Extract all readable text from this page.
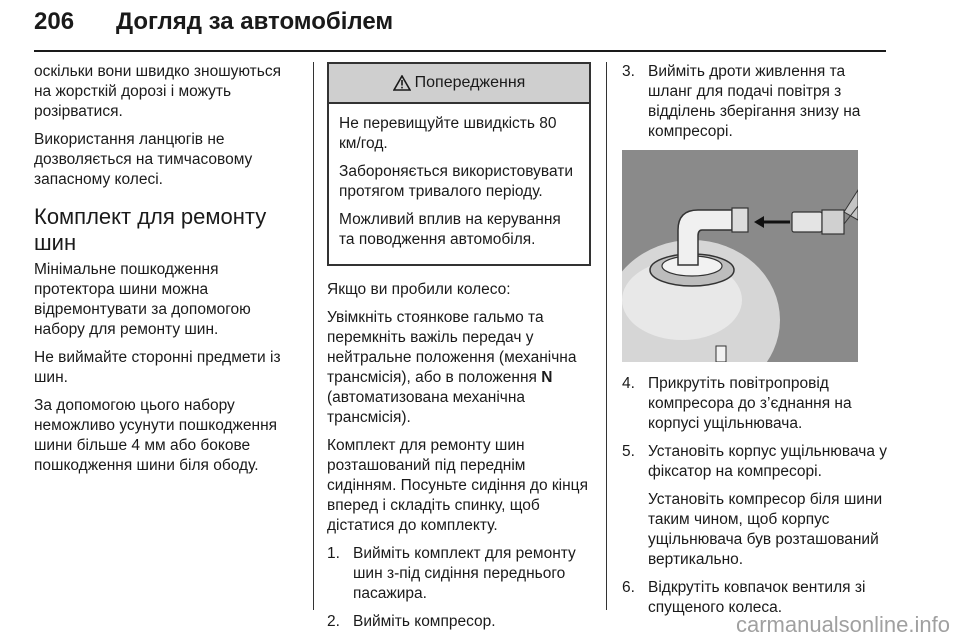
206 Догляд за автомобілем

оскільки вони швидко зношуються на жорсткій дорозі і можуть розірватися.

Використання ланцюгів не дозволяється на тимчасовому запасному колесі.

Комплект для ремонту шин

Мінімальне пошкодження протектора шини можна відремонтувати за допомогою набору для ремонту шин.

Не виймайте сторонні предмети із шин.

За допомогою цього набору неможливо усунути пошкодження шини більше 4 мм або бокове пошкодження шини біля ободу.

Попередження

Не перевищуйте швидкість 80 км/год.

Забороняється використовувати протягом тривалого періоду.

Можливий вплив на керування та поводження автомобіля.

Якщо ви пробили колесо:

Увімкніть стоянкове гальмо та перемкніть важіль передач у нейтральне положення (механічна трансмісія), або в положення N (автоматизована механічна трансмісія).

Комплект для ремонту шин розташований під переднім сидінням. Посуньте сидіння до кінця вперед і складіть спинку, щоб дістатися до комплекту.

1. Вийміть комплект для ремонту шин з-під сидіння переднього пасажира.
2. Вийміть компресор.
3. Вийміть дроти живлення та шланг для подачі повітря з відділень зберігання знизу на компресорі.
4. Прикрутіть повітропровід компресора до з’єднання на корпусі ущільнювача.
5. Установіть корпус ущільнювача у фіксатор на компресорі.

Установіть компресор біля шини таким чином, щоб корпус ущільнювача був розташований вертикально.

6. Відкрутіть ковпачок вентиля зі спущеного колеса.
carmanualsonline.info
